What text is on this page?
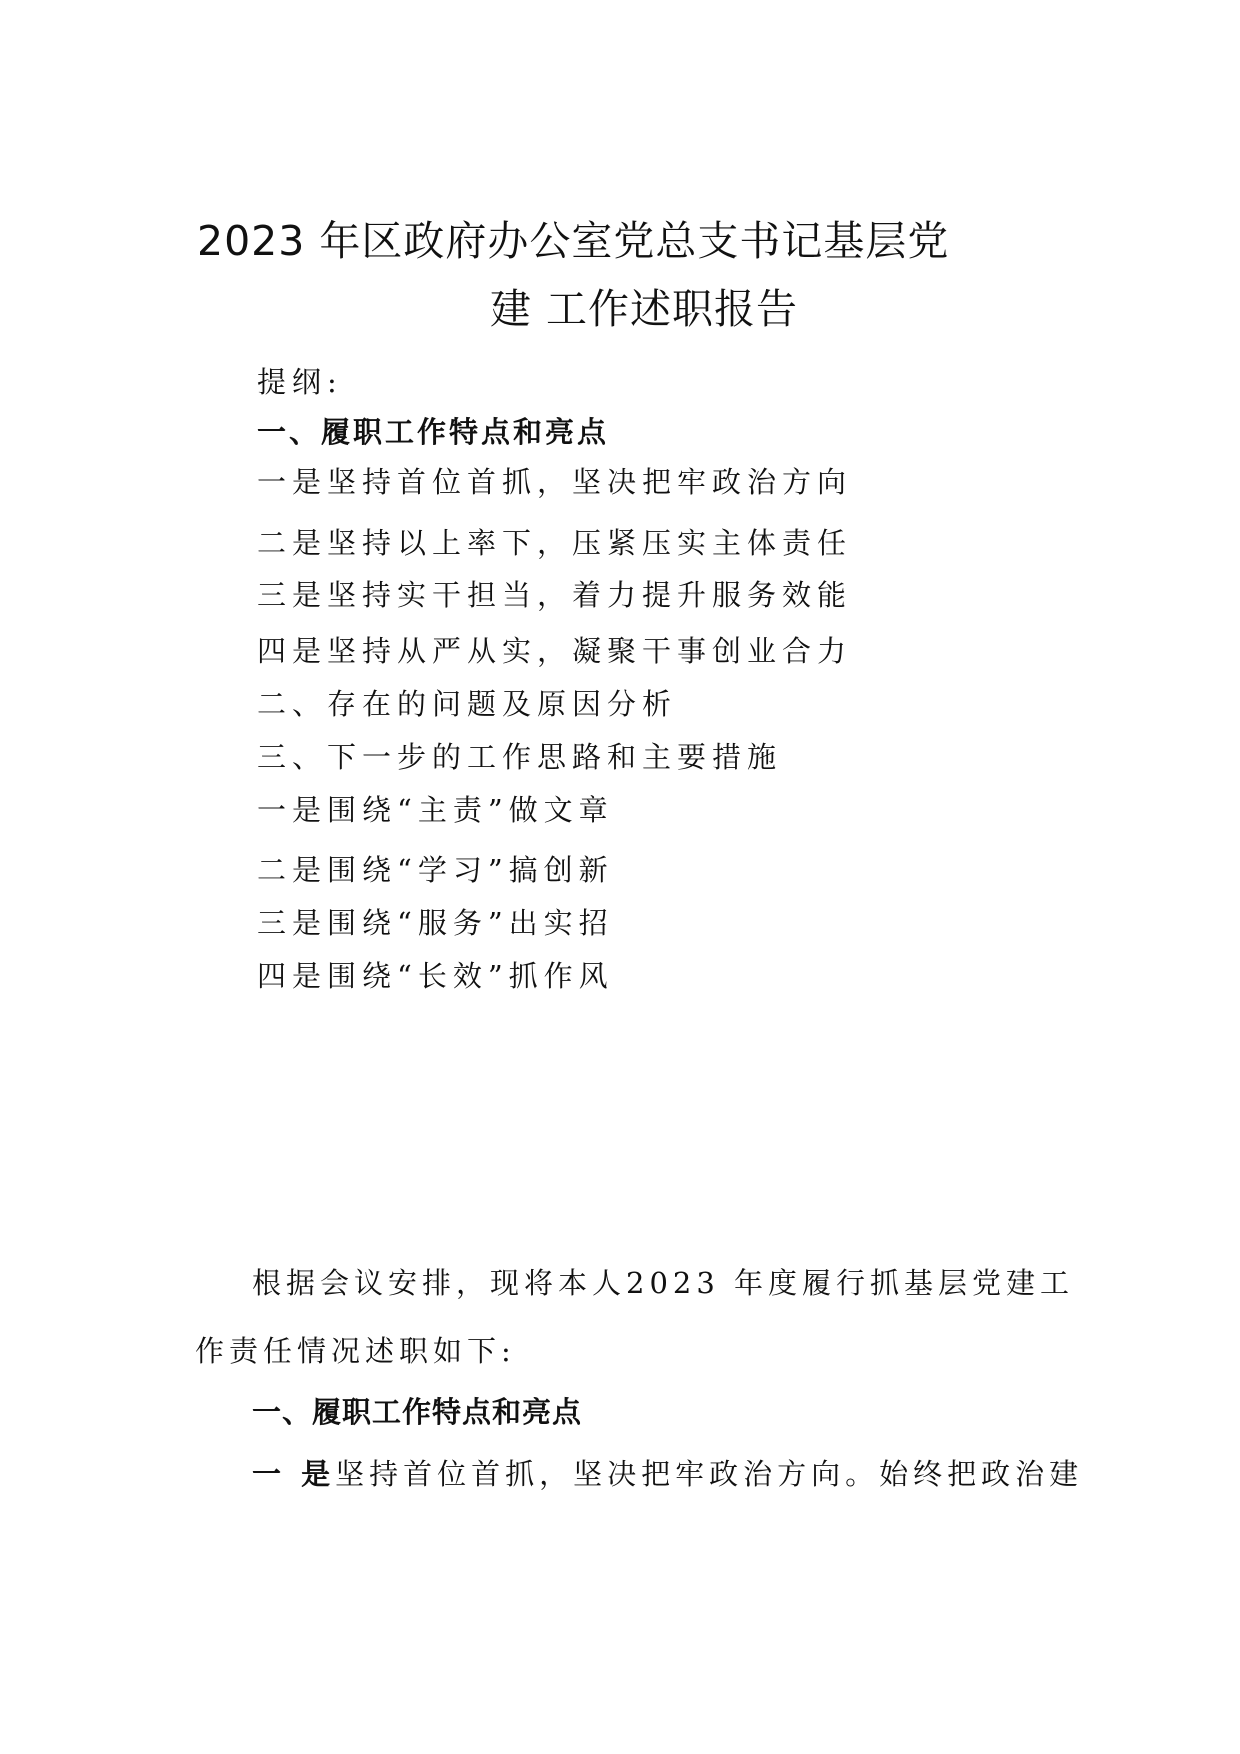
2023 年区政府办公室党总支书记基层党
建 工作述职报告
提纲:
一、履职工作特点和亮点
一是坚持首位首抓，坚决把牢政治方向
二是坚持以上率下，压紧压实主体责任
三是坚持实干担当，着力提升服务效能
四是坚持从严从实，凝聚干事创业合力
二、存在的问题及原因分析
三、下一步的工作思路和主要措施
一是围绕“主责”做文章
二是围绕“学习”搞创新
三是围绕“服务”出实招
四是围绕“长效”抓作风
根据会议安排，现将本人2023 年度履行抓基层党建工
作责任情况述职如下:
一、履职工作特点和亮点
一 是坚持首位首抓，坚决把牢政治方向。始终把政治建
